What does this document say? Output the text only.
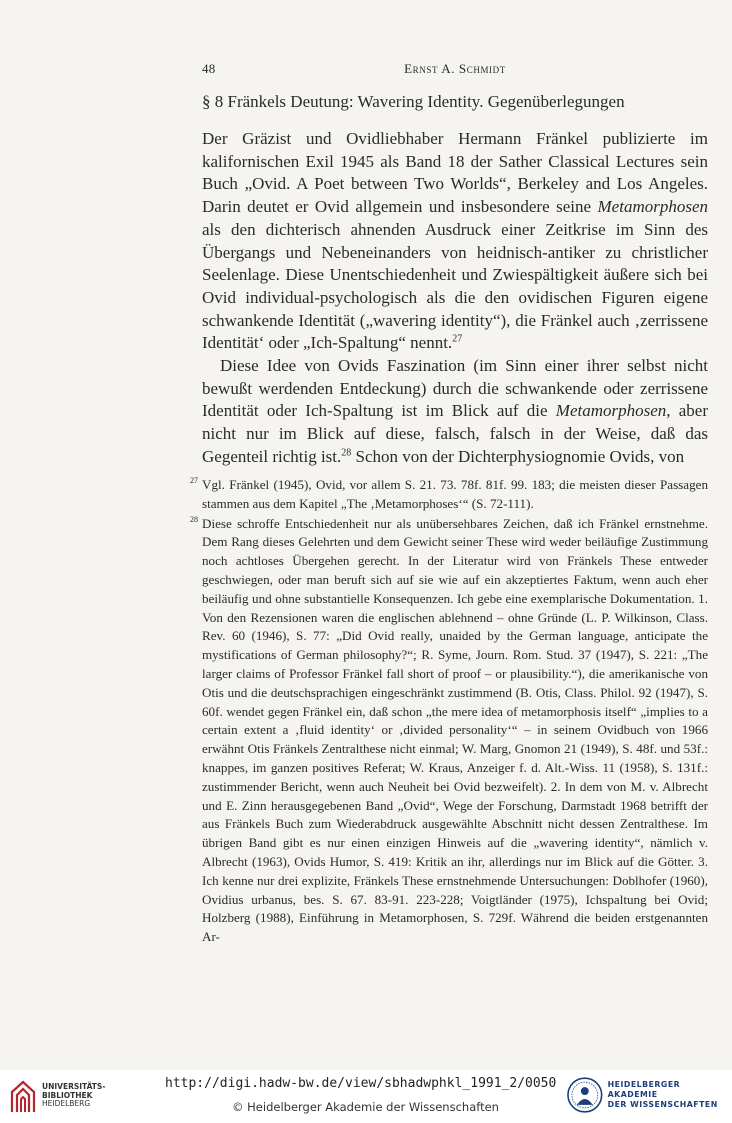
48	Ernst A. Schmidt
§ 8 Fränkels Deutung: Wavering Identity. Gegenüberlegungen

Der Gräzist und Ovidliebhaber Hermann Fränkel publizierte im kalifornischen Exil 1945 als Band 18 der Sather Classical Lectures sein Buch „Ovid. A Poet between Two Worlds“, Berkeley and Los Angeles. Darin deutet er Ovid allgemein und insbesondere seine Metamorphosen als den dichterisch ahnenden Ausdruck einer Zeitkrise im Sinn des Übergangs und Nebeneinanders von heidnisch-antiker zu christlicher Seelenlage. Diese Unentschiedenheit und Zwiespältigkeit äußere sich bei Ovid individual-psychologisch als die den ovidischen Figuren eigene schwankende Identität („wavering identity“), die Fränkel auch ‚zerrissene Identität‘ oder „Ich-Spaltung“ nennt.$^{27}$

Diese Idee von Ovids Faszination (im Sinn einer ihrer selbst nicht bewußt werdenden Entdeckung) durch die schwankende oder zerrissene Identität oder Ich-Spaltung ist im Blick auf die Metamorphosen, aber nicht nur im Blick auf diese, falsch, falsch in der Weise, daß das Gegenteil richtig ist.$^{28}$ Schon von der Dichterphysiognomie Ovids, von

27 Vgl. Fränkel (1945), Ovid, vor allem S. 21. 73. 78f. 81f. 99. 183; die meisten dieser Passagen stammen aus dem Kapitel „The ‚Metamorphoses‘“ (S. 72-111).

28 Diese schroffe Entschiedenheit nur als unübersehbares Zeichen, daß ich Fränkel ernstnehme. Dem Rang dieses Gelehrten und dem Gewicht seiner These wird weder beiläufige Zustimmung noch achtloses Übergehen gerecht. In der Literatur wird von Fränkels These entweder geschwiegen, oder man beruft sich auf sie wie auf ein akzeptiertes Faktum, wenn auch eher beiläufig und ohne substantielle Konsequenzen. Ich gebe eine exemplarische Dokumentation. 1. Von den Rezensionen waren die englischen ablehnend – ohne Gründe (L. P. Wilkinson, Class. Rev. 60 (1946), S. 77: „Did Ovid really, unaided by the German language, anticipate the mystifications of German philosophy?“; R. Syme, Journ. Rom. Stud. 37 (1947), S. 221: „The larger claims of Professor Fränkel fall short of proof – or plausibility.“), die amerikanische von Otis und die deutschsprachigen eingeschränkt zustimmend (B. Otis, Class. Philol. 92 (1947), S. 60f. wendet gegen Fränkel ein, daß schon „the mere idea of metamorphosis itself“ „implies to a certain extent a ‚fluid identity‘ or ‚divided personality‘“ – in seinem Ovidbuch von 1966 erwähnt Otis Fränkels Zentralthese nicht einmal; W. Marg, Gnomon 21 (1949), S. 48f. und 53f.: knappes, im ganzen positives Referat; W. Kraus, Anzeiger f. d. Alt.-Wiss. 11 (1958), S. 131f.: zustimmender Bericht, wenn auch Neuheit bei Ovid bezweifelt). 2. In dem von M. v. Albrecht und E. Zinn herausgegebenen Band „Ovid“, Wege der Forschung, Darmstadt 1968 betrifft der aus Fränkels Buch zum Wiederabdruck ausgewählte Abschnitt nicht dessen Zentralthese. Im übrigen Band gibt es nur einen einzigen Hinweis auf die „wavering identity“, nämlich v. Albrecht (1963), Ovids Humor, S. 419: Kritik an ihr, allerdings nur im Blick auf die Götter. 3. Ich kenne nur drei explizite, Fränkels These ernstnehmende Untersuchungen: Doblhofer (1960), Ovidius urbanus, bes. S. 67. 83-91. 223-228; Voigtländer (1975), Ichspaltung bei Ovid; Holzberg (1988), Einführung in Metamorphosen, S. 729f. Während die beiden erstgenannten Ar-

UNIVERSITÄTS-
BIBLIOTHEK
HEIDELBERG
http://digi.hadw-bw.de/view/sbhadwphkl_1991_2/0050
© Heidelberger Akademie der Wissenschaften
HEIDELBERGER AKADEMIE
DER WISSENSCHAFTEN
